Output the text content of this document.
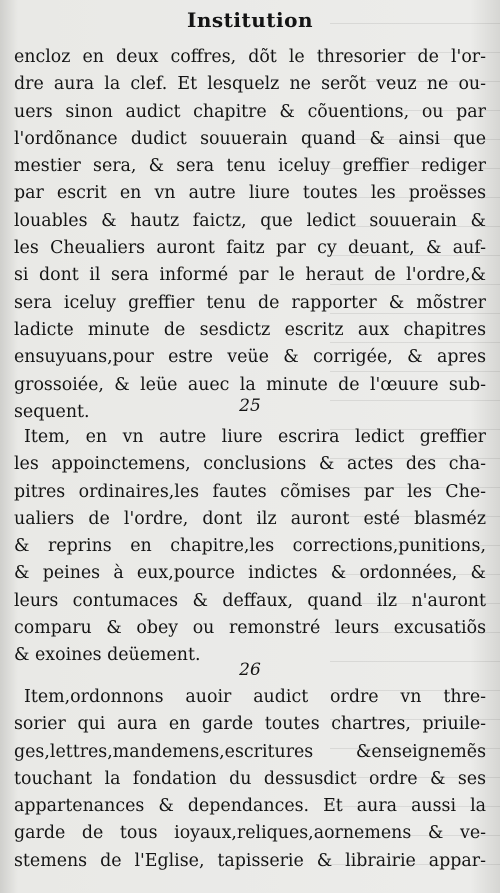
Institution
encloz en deux coffres, dõt le thresorier de l'or-
dre aura la clef. Et lesquelz ne serõt veuz ne ou-
uers sinon audict chapitre & cõuentions, ou par
l'ordõnance dudict souuerain quand & ainsi que
mestier sera, & sera tenu iceluy greffier rediger
par escrit en vn autre liure toutes les proësses
louables & hautz faictz, que ledict souuerain &
les Cheualiers auront faitz par cy deuant, & auf-
si dont il sera informé par le heraut de l'ordre,&
sera iceluy greffier tenu de rapporter & mõstrer
ladicte minute de sesdictz escritz aux chapitres
ensuyuans,pour estre veüe & corrigée, & apres
grossoiée, & leüe auec la minute de l'œuure sub-
sequent.	25
Item, en vn autre liure escrira ledict greffier
les appoinctemens, conclusions & actes des cha-
pitres ordinaires,les fautes cõmises par les Che-
ualiers de l'ordre, dont ilz auront esté blasméz
& reprins en chapitre,les corrections,punitions,
& peines à eux,pource indictes & ordonnées, &
leurs contumaces & deffaux, quand ilz n'auront
comparu & obey ou remonstré leurs excusatiõs
& exoines deüement.
26
Item,ordonnons auoir audict ordre vn thre-
sorier qui aura en garde toutes chartres, priuile-
ges,lettres,mandemens,escritures &enseignemẽs
touchant la fondation du dessusdict ordre & ses
appartenances & dependances. Et aura aussi la
garde de tous ioyaux,reliques,aornemens & ve-
stemens de l'Eglise, tapisserie & librairie appar-
